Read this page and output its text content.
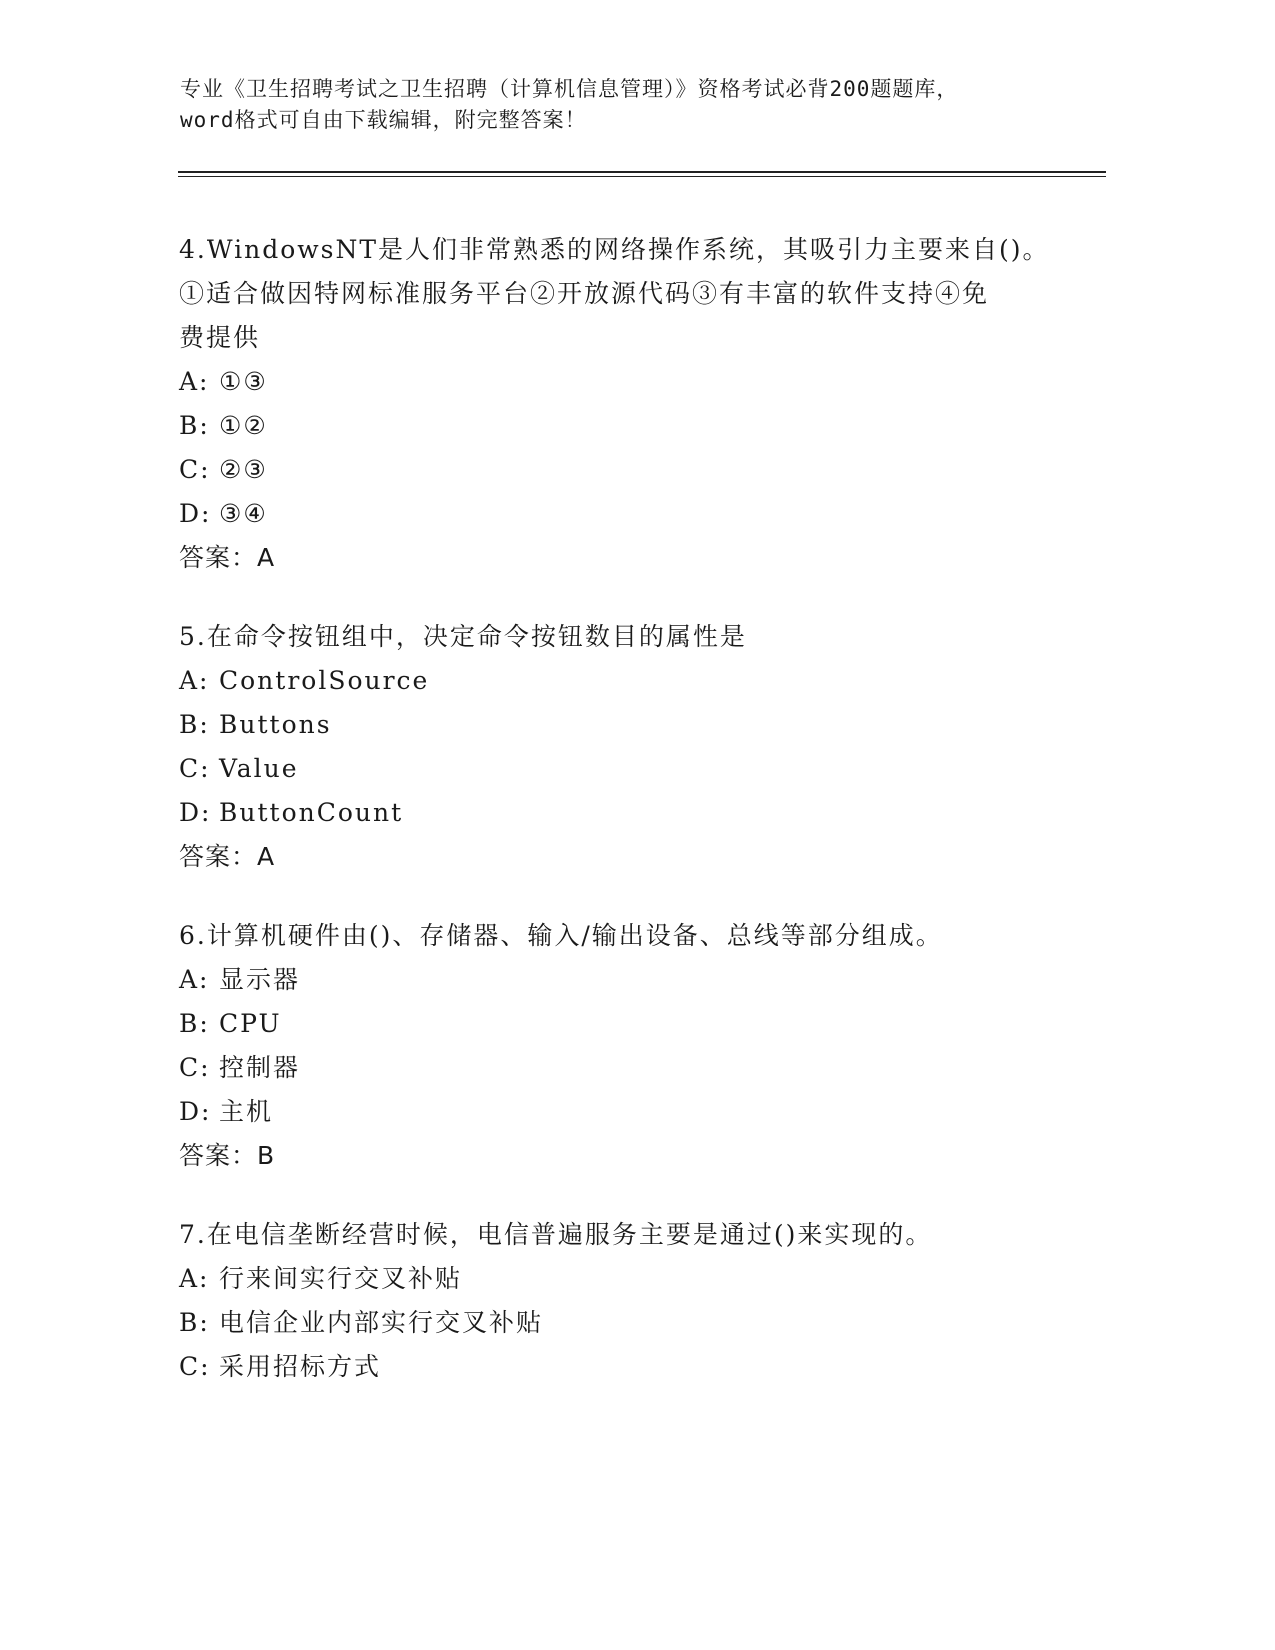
专业《卫生招聘考试之卫生招聘（计算机信息管理）》资格考试必背200题题库，
word格式可自由下载编辑，附完整答案！

4.WindowsNT是人们非常熟悉的网络操作系统，其吸引力主要来自()。
①适合做因特网标准服务平台②开放源代码③有丰富的软件支持④免
费提供

A: ①③
B: ①②
C: ②③
D: ③④
答案：A

5.在命令按钮组中，决定命令按钮数目的属性是

A: ControlSource
B: Buttons
C: Value
D: ButtonCount
答案：A

6.计算机硬件由()、存储器、输入/输出设备、总线等部分组成。

A: 显示器
B: CPU
C: 控制器
D: 主机
答案：B

7.在电信垄断经营时候，电信普遍服务主要是通过()来实现的。

A: 行来间实行交叉补贴
B: 电信企业内部实行交叉补贴
C: 采用招标方式
